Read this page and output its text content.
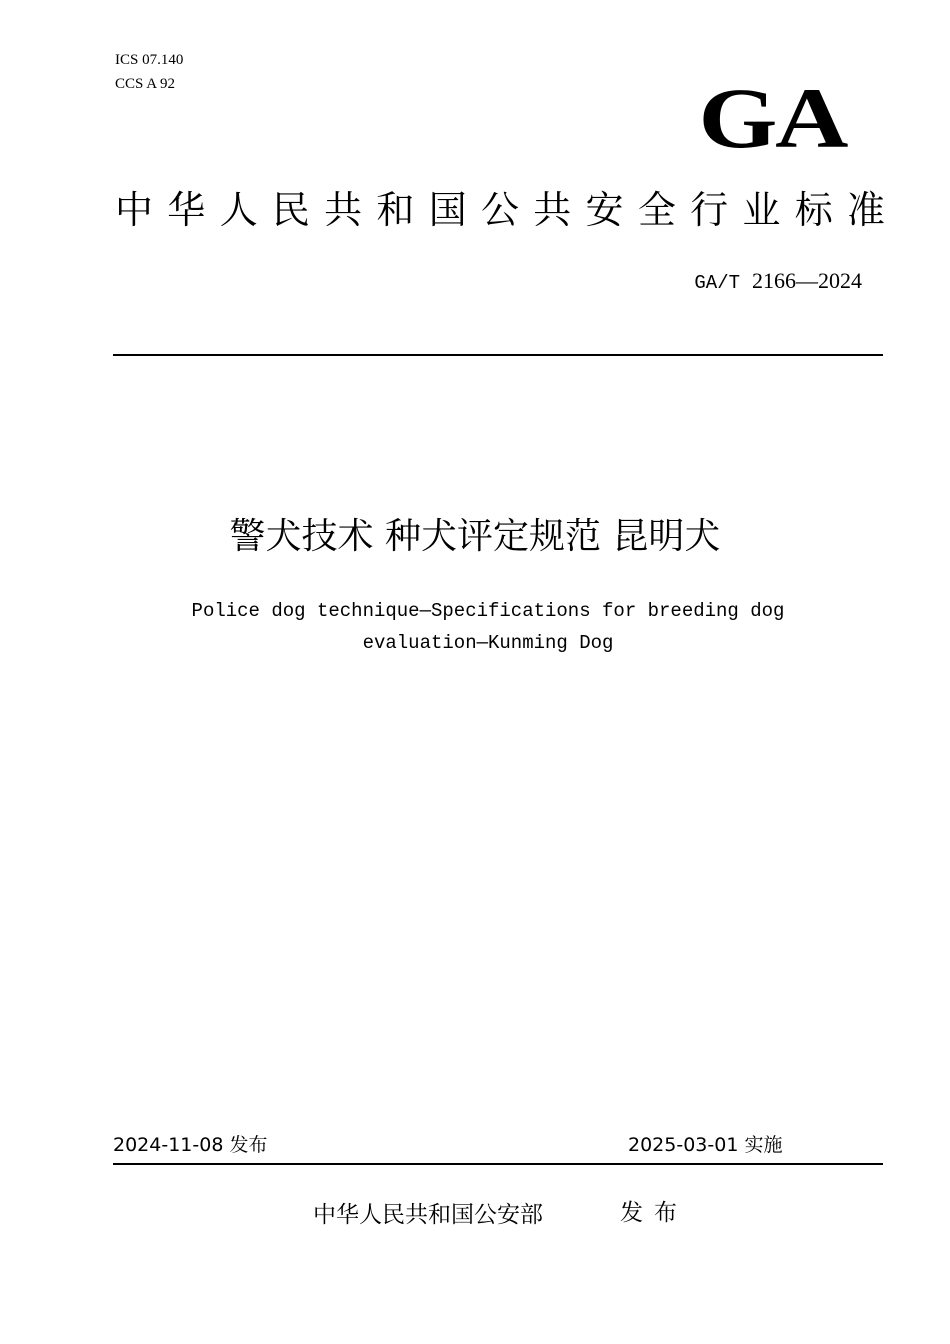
ICS 07.140
CCS A 92	GA
中华人民共和国公共安全行业标准
GA/T 2166—2024
警犬技术 种犬评定规范 昆明犬
Police dog technique—Specifications for breeding dog
evaluation—Kunming Dog
2024-11-08 发布	2025-03-01 实施
中华人民共和国公安部	发布
